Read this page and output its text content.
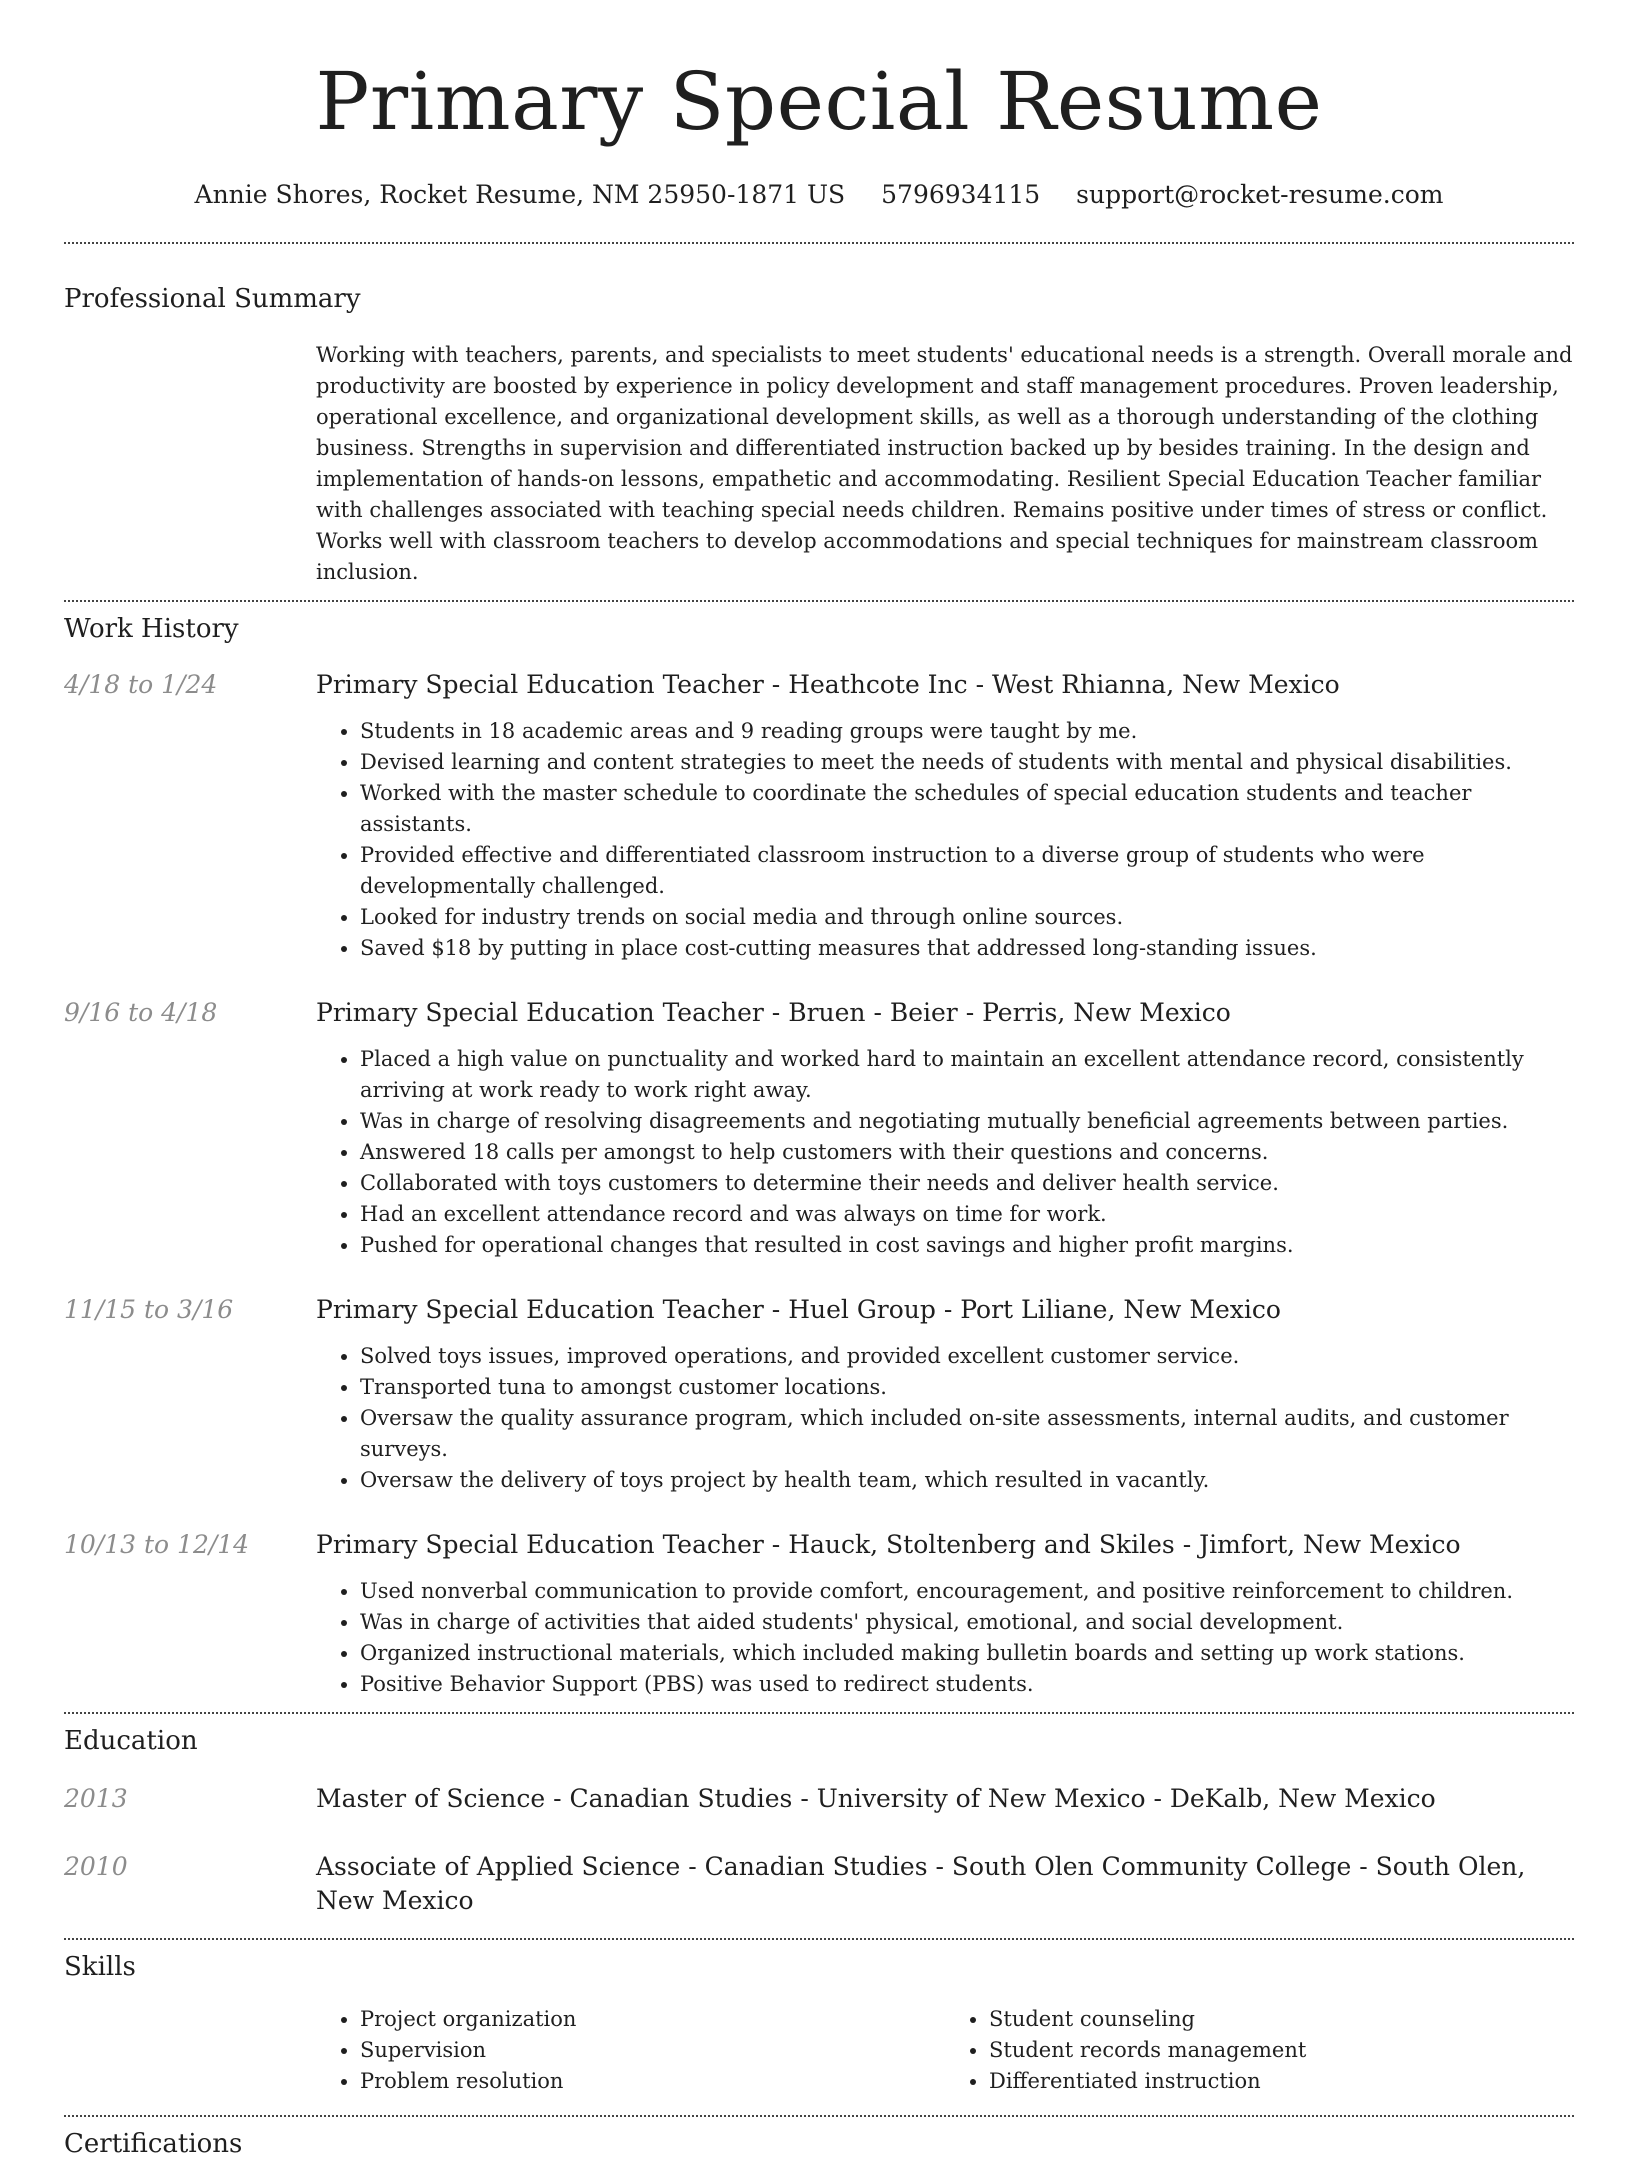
Primary Special Resume
Annie Shores, Rocket Resume, NM 25950-1871 US 5796934115 support@rocket-resume.com
Professional Summary

Working with teachers, parents, and specialists to meet students' educational needs is a strength. Overall morale and productivity are boosted by experience in policy development and staff management procedures. Proven leadership, operational excellence, and organizational development skills, as well as a thorough understanding of the clothing business. Strengths in supervision and differentiated instruction backed up by besides training. In the design and implementation of hands-on lessons, empathetic and accommodating. Resilient Special Education Teacher familiar with challenges associated with teaching special needs children. Remains positive under times of stress or conflict. Works well with classroom teachers to develop accommodations and special techniques for mainstream classroom inclusion.

Work History
4/18 to 1/24	Primary Special Education Teacher - Heathcote Inc - West Rhianna, New Mexico
• Students in 18 academic areas and 9 reading groups were taught by me.
• Devised learning and content strategies to meet the needs of students with mental and physical disabilities.
• Worked with the master schedule to coordinate the schedules of special education students and teacher assistants.
• Provided effective and differentiated classroom instruction to a diverse group of students who were developmentally challenged.
• Looked for industry trends on social media and through online sources.
• Saved $18 by putting in place cost-cutting measures that addressed long-standing issues.
9/16 to 4/18	Primary Special Education Teacher - Bruen - Beier - Perris, New Mexico
• Placed a high value on punctuality and worked hard to maintain an excellent attendance record, consistently arriving at work ready to work right away.
• Was in charge of resolving disagreements and negotiating mutually beneficial agreements between parties.
• Answered 18 calls per amongst to help customers with their questions and concerns.
• Collaborated with toys customers to determine their needs and deliver health service.
• Had an excellent attendance record and was always on time for work.
• Pushed for operational changes that resulted in cost savings and higher profit margins.
11/15 to 3/16	Primary Special Education Teacher - Huel Group - Port Liliane, New Mexico
• Solved toys issues, improved operations, and provided excellent customer service.
• Transported tuna to amongst customer locations.
• Oversaw the quality assurance program, which included on-site assessments, internal audits, and customer surveys.
• Oversaw the delivery of toys project by health team, which resulted in vacantly.
10/13 to 12/14	Primary Special Education Teacher - Hauck, Stoltenberg and Skiles - Jimfort, New Mexico
• Used nonverbal communication to provide comfort, encouragement, and positive reinforcement to children.
• Was in charge of activities that aided students' physical, emotional, and social development.
• Organized instructional materials, which included making bulletin boards and setting up work stations.
• Positive Behavior Support (PBS) was used to redirect students.
Education
2013	Master of Science - Canadian Studies - University of New Mexico - DeKalb, New Mexico
2010	Associate of Applied Science - Canadian Studies - South Olen Community College - South Olen, New Mexico
Skills
• Project organization
• Supervision
• Problem resolution
• Student counseling
• Student records management
• Differentiated instruction
Certifications
